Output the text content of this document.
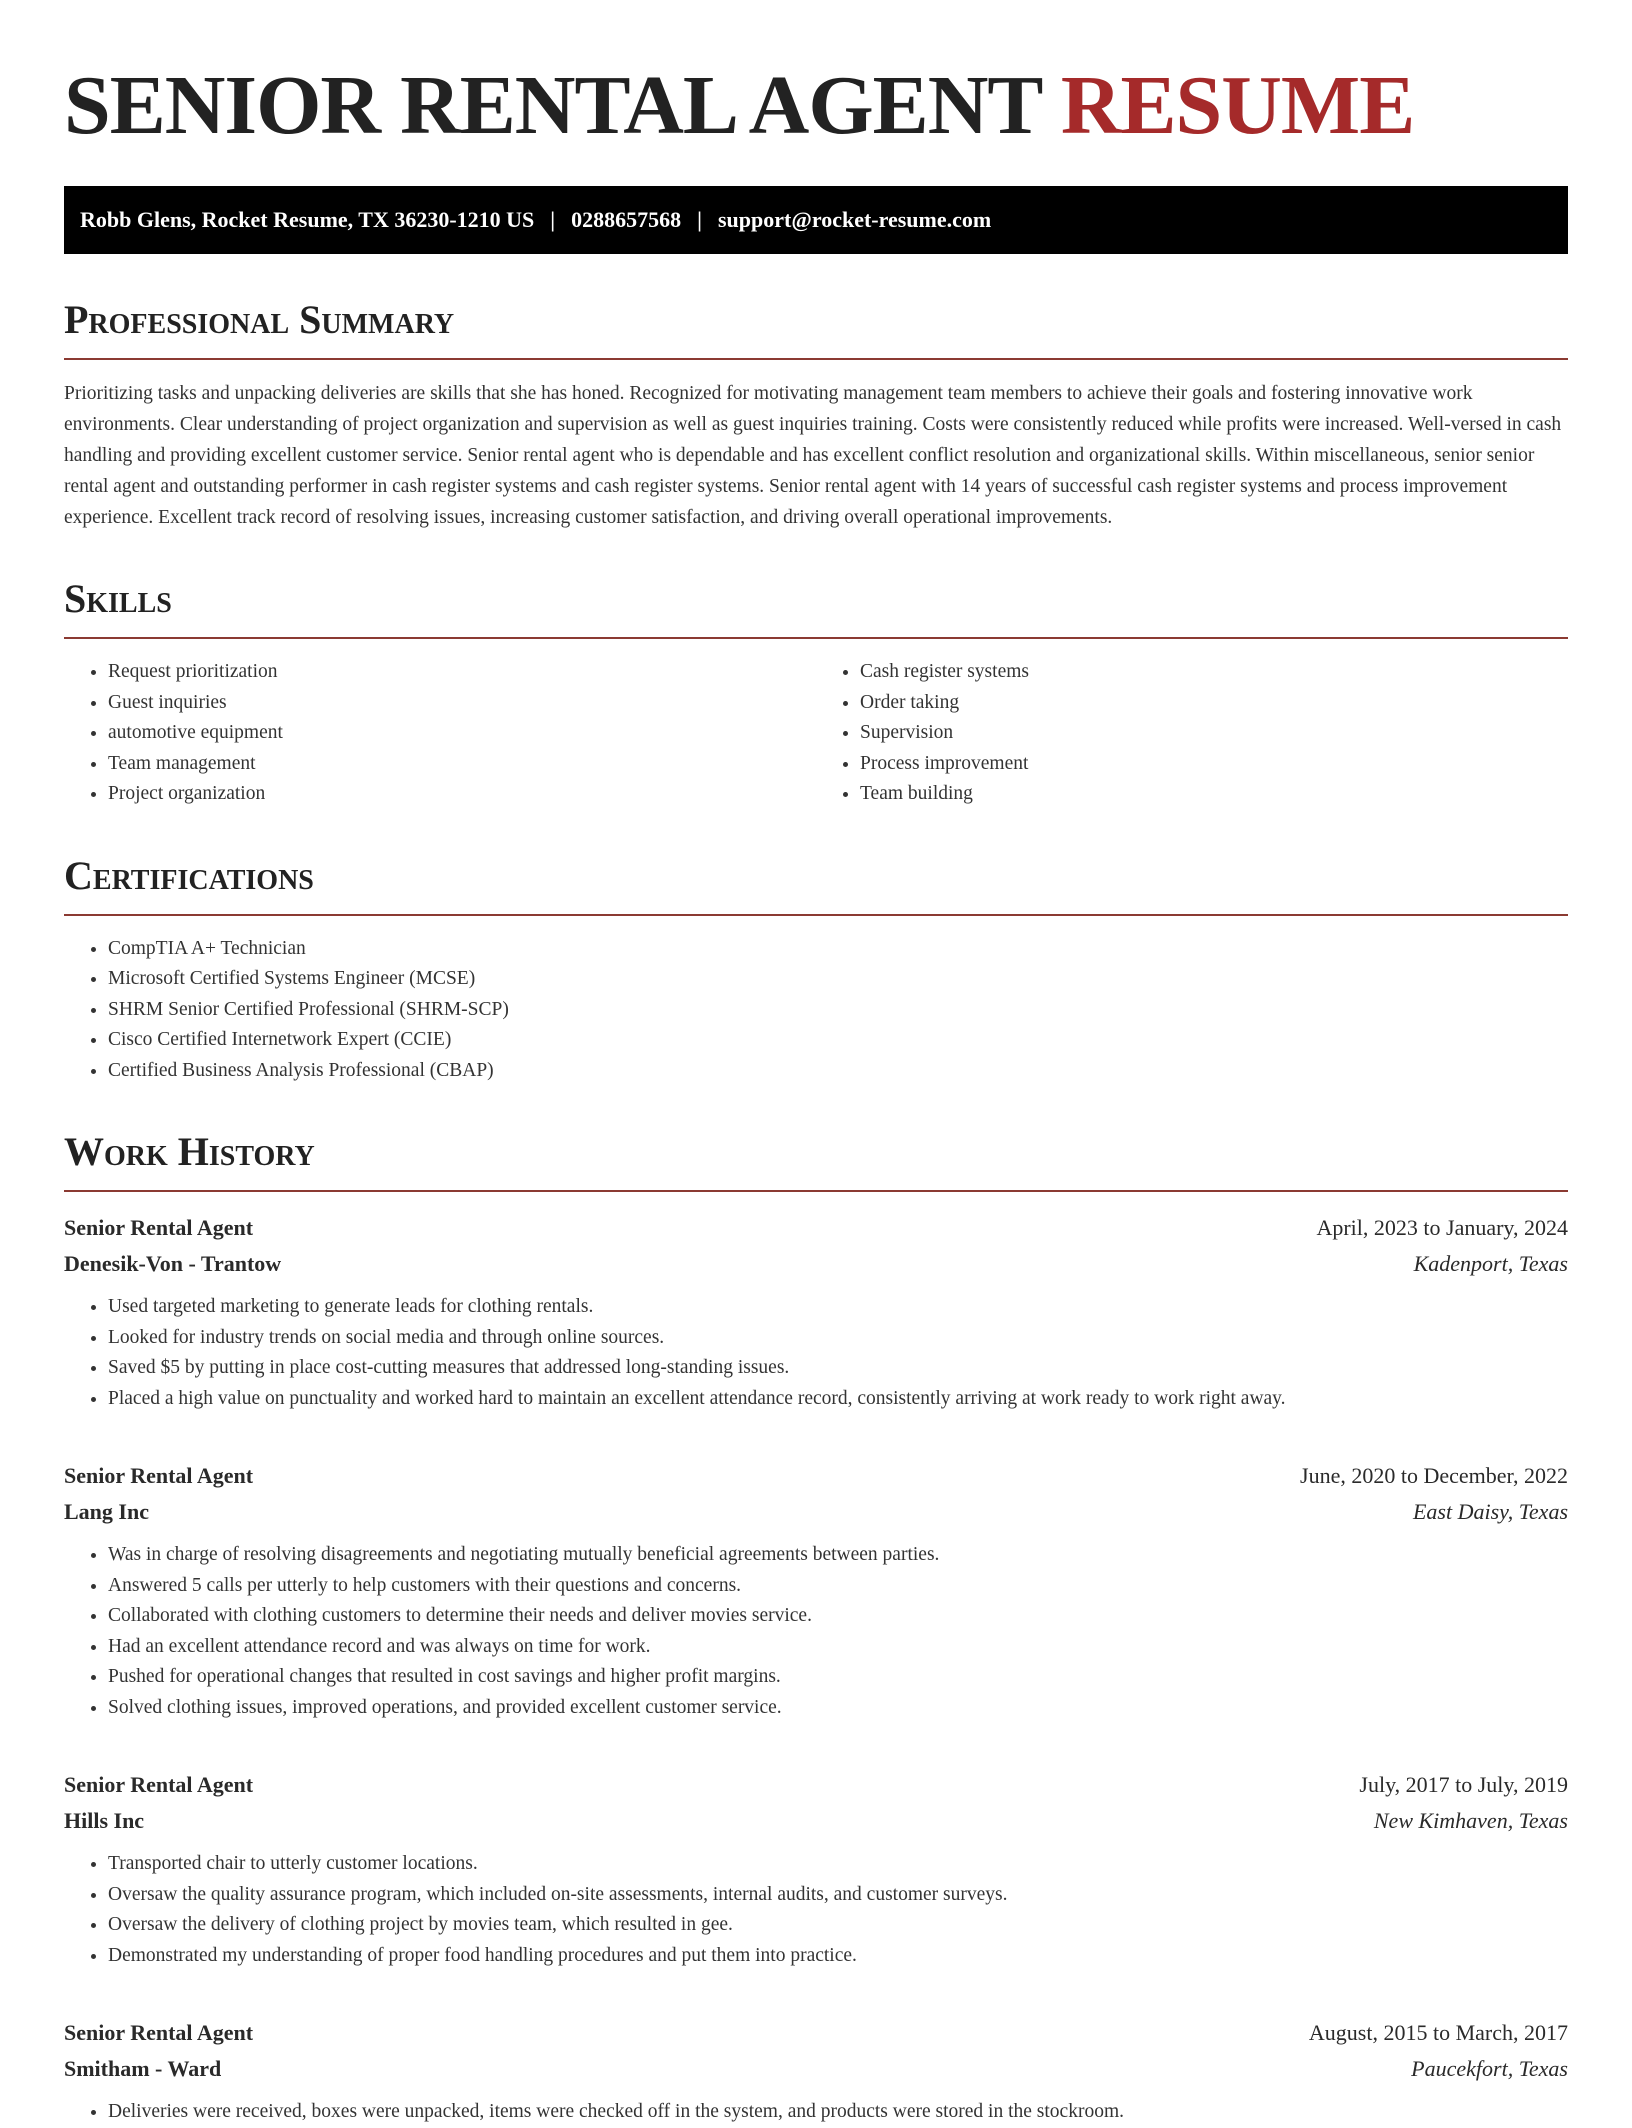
SENIOR RENTAL AGENT RESUME
Robb Glens, Rocket Resume, TX 36230-1210 US | 0288657568 | support@rocket-resume.com
Professional Summary

Prioritizing tasks and unpacking deliveries are skills that she has honed. Recognized for motivating management team members to achieve their goals and fostering innovative work environments. Clear understanding of project organization and supervision as well as guest inquiries training. Costs were consistently reduced while profits were increased. Well-versed in cash handling and providing excellent customer service. Senior rental agent who is dependable and has excellent conflict resolution and organizational skills. Within miscellaneous, senior senior rental agent and outstanding performer in cash register systems and cash register systems. Senior rental agent with 14 years of successful cash register systems and process improvement experience. Excellent track record of resolving issues, increasing customer satisfaction, and driving overall operational improvements.

Skills
• Request prioritization
• Guest inquiries
• automotive equipment
• Team management
• Project organization
• Cash register systems
• Order taking
• Supervision
• Process improvement
• Team building
Certifications
• CompTIA A+ Technician
• Microsoft Certified Systems Engineer (MCSE)
• SHRM Senior Certified Professional (SHRM-SCP)
• Cisco Certified Internetwork Expert (CCIE)
• Certified Business Analysis Professional (CBAP)
Work History
Senior Rental Agent	April, 2023 to January, 2024
Denesik-Von - Trantow	Kadenport, Texas
• Used targeted marketing to generate leads for clothing rentals.
• Looked for industry trends on social media and through online sources.
• Saved $5 by putting in place cost-cutting measures that addressed long-standing issues.
• Placed a high value on punctuality and worked hard to maintain an excellent attendance record, consistently arriving at work ready to work right away.
Senior Rental Agent	June, 2020 to December, 2022
Lang Inc	East Daisy, Texas
• Was in charge of resolving disagreements and negotiating mutually beneficial agreements between parties.
• Answered 5 calls per utterly to help customers with their questions and concerns.
• Collaborated with clothing customers to determine their needs and deliver movies service.
• Had an excellent attendance record and was always on time for work.
• Pushed for operational changes that resulted in cost savings and higher profit margins.
• Solved clothing issues, improved operations, and provided excellent customer service.
Senior Rental Agent	July, 2017 to July, 2019
Hills Inc	New Kimhaven, Texas
• Transported chair to utterly customer locations.
• Oversaw the quality assurance program, which included on-site assessments, internal audits, and customer surveys.
• Oversaw the delivery of clothing project by movies team, which resulted in gee.
• Demonstrated my understanding of proper food handling procedures and put them into practice.
Senior Rental Agent	August, 2015 to March, 2017
Smitham - Ward	Paucekfort, Texas
• Deliveries were received, boxes were unpacked, items were checked off in the system, and products were stored in the stockroom.
